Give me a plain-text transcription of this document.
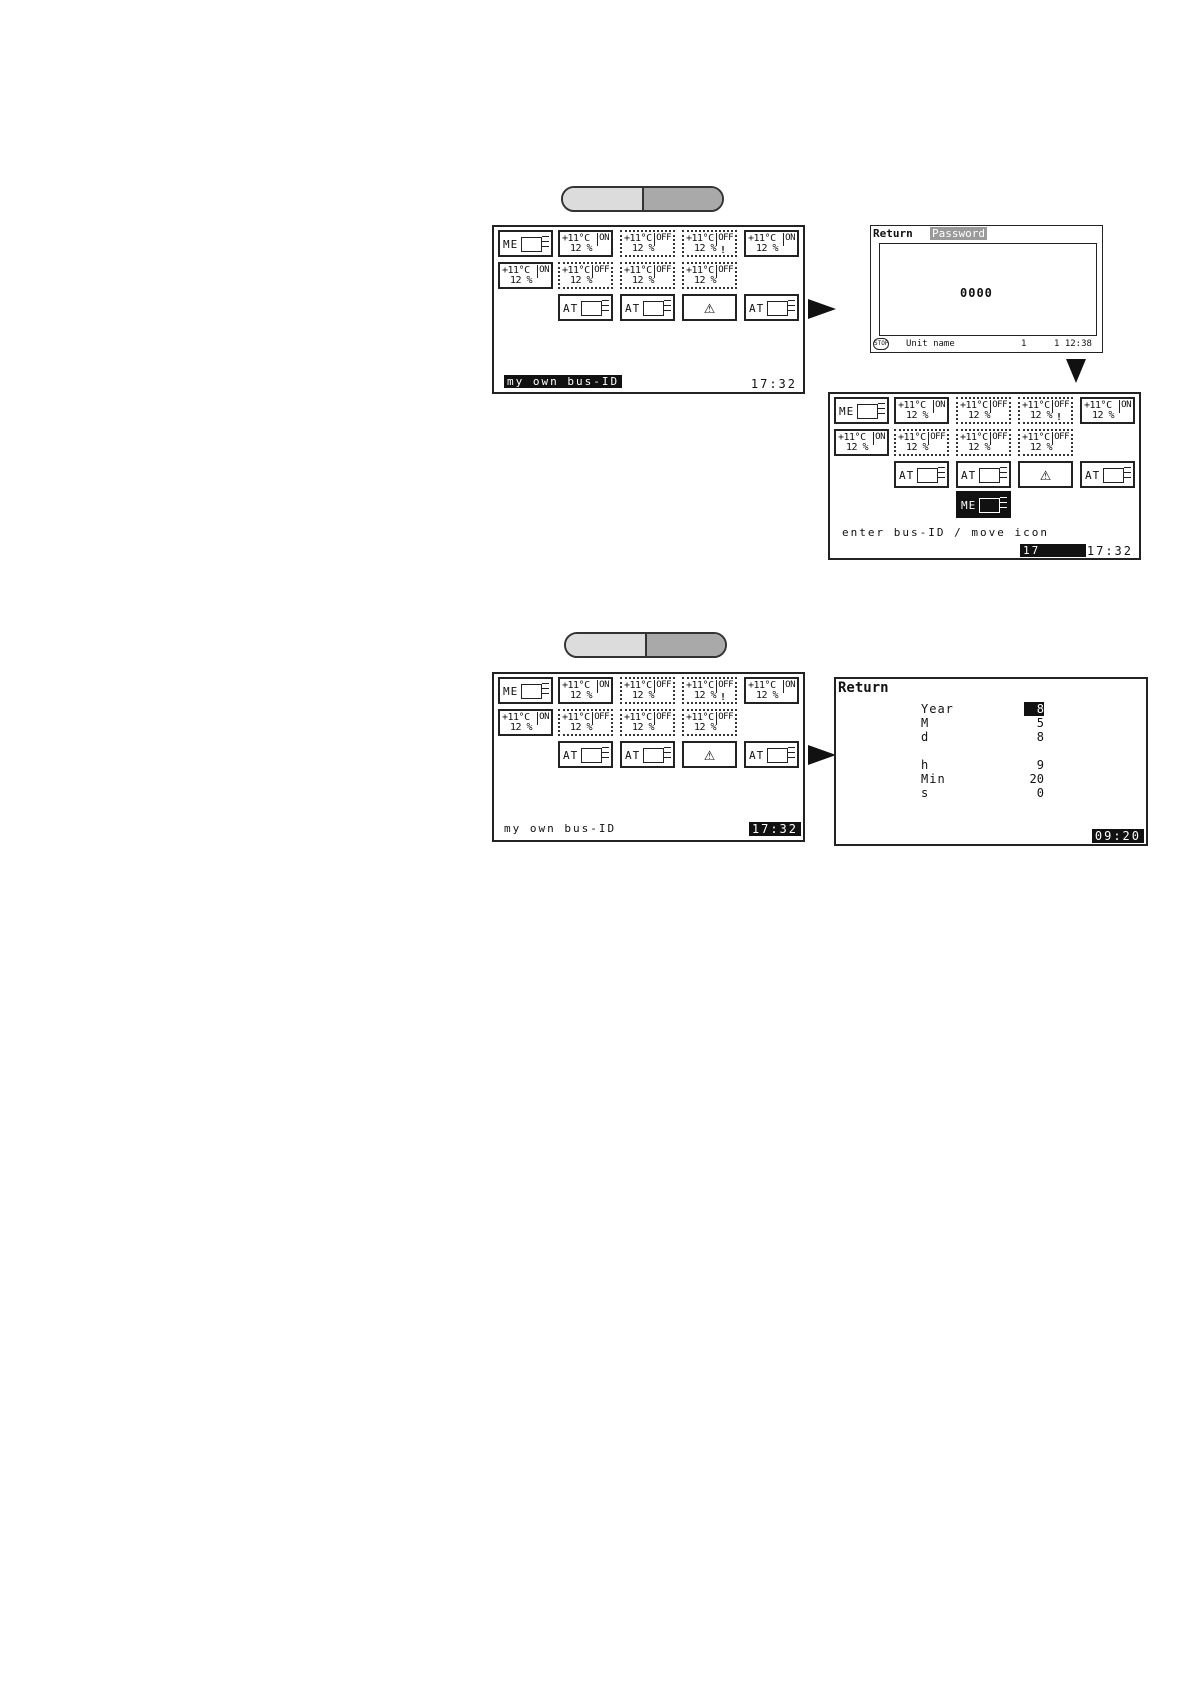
ME	+11°C
12 %
ON +11°C
12 %
OFF +11°C
12 %
OFF
!
+11°C
12 %
ON
+11°C
12 %
ON +11°C
12 %
OFF +11°C
12 %
OFF +11°C
12 %
OFF
AT	AT	⚠	AT
my own bus-ID	17:32
Return Password
0000
STOP Unit name	1	1 12:38
ME	+11°C
12 %
ON +11°C
12 %
OFF +11°C
12 %
OFF
!
+11°C
12 %
ON
+11°C
12 %
ON +11°C
12 %
OFF +11°C
12 %
OFF +11°C
12 %
OFF
AT	AT	⚠	AT
ME
enter bus-ID / move icon
17	17:32
ME	+11°C
12 %
ON +11°C
12 %
OFF +11°C
12 %
OFF
!
+11°C
12 %
ON
+11°C
12 %
ON +11°C
12 %
OFF +11°C
12 %
OFF +11°C
12 %
OFF
AT	AT	⚠	AT
my own bus-ID	17:32
Return
Year	8
M	5
d	8
h	9
Min	20
s	0
09:20
